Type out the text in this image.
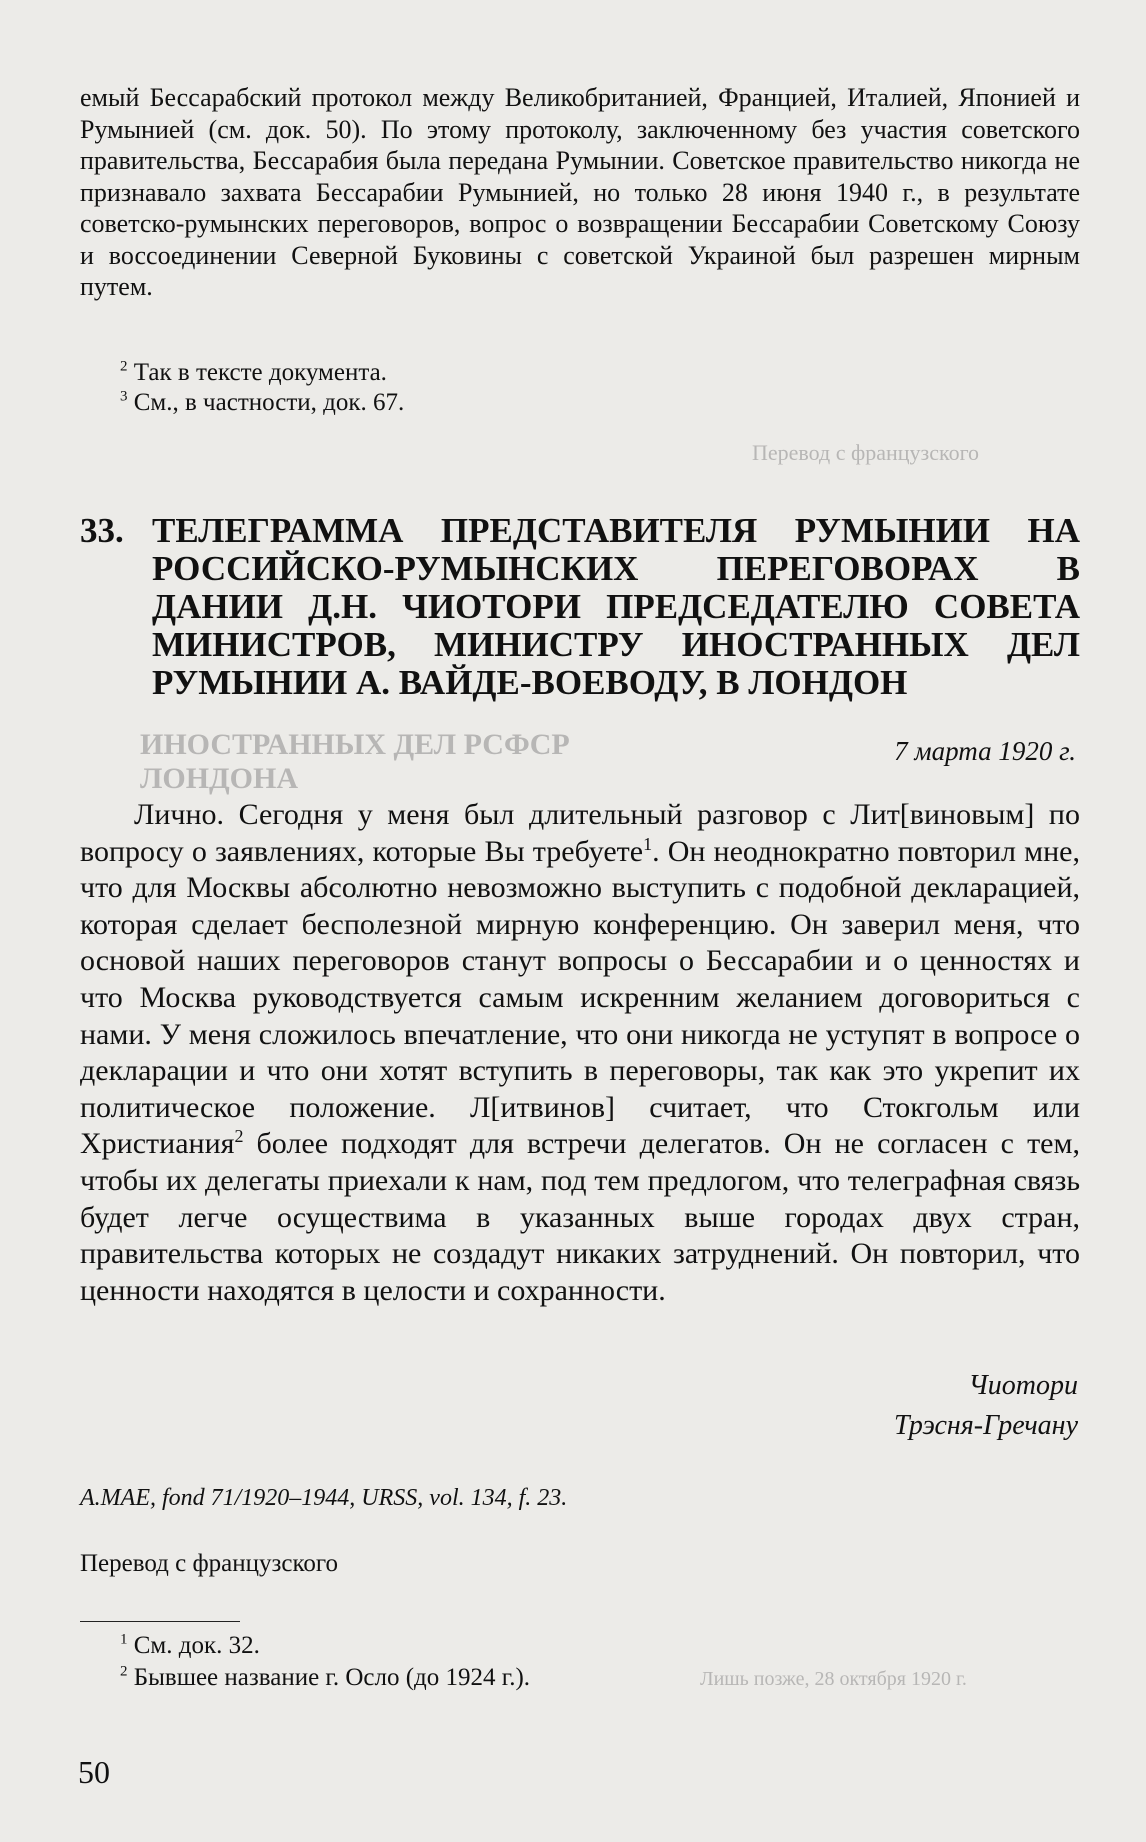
Перевод с французского
ИНОСТРАННЫХ ДЕЛ РСФСР
ЛОНДОНА
Лишь позже, 28 октября 1920 г.

емый Бессарабский протокол между Великобританией, Францией, Италией, Японией и Румынией (см. док. 50). По этому протоколу, заключенному без участия советского правительства, Бессарабия была передана Румынии. Советское правительство никогда не признавало захвата Бессарабии Румынией, но только 28 июня 1940 г., в результате советско-румынских переговоров, вопрос о возвращении Бессарабии Советскому Союзу и воссоединении Северной Буковины с советской Украиной был разрешен мирным путем.

$^2$ Так в тексте документа.
$^3$ См., в частности, док. 67.
33. ТЕЛЕГРАММА ПРЕДСТАВИТЕЛЯ РУМЫНИИ НА РОССИЙСКО-РУМЫНСКИХ ПЕРЕГОВОРАХ В ДАНИИ Д.Н. ЧИОТОРИ ПРЕДСЕДАТЕЛЮ СОВЕТА МИНИСТРОВ, МИНИСТРУ ИНОСТРАННЫХ ДЕЛ РУМЫНИИ А. ВАЙДЕ-ВОЕВОДУ, В ЛОНДОН
7 марта 1920 г.

Лично. Сегодня у меня был длительный разговор с Лит[виновым] по вопросу о заявлениях, которые Вы требуете$^1$. Он неоднократно повторил мне, что для Москвы абсолютно невозможно выступить с подобной декларацией, которая сделает бесполезной мирную конференцию. Он заверил меня, что основой наших переговоров станут вопросы о Бессарабии и о ценностях и что Москва руководствуется самым искренним желанием договориться с нами. У меня сложилось впечатление, что они никогда не уступят в вопросе о декларации и что они хотят вступить в переговоры, так как это укрепит их политическое положение. Л[итвинов] считает, что Стокгольм или Христиания$^2$ более подходят для встречи делегатов. Он не согласен с тем, чтобы их делегаты приехали к нам, под тем предлогом, что телеграфная связь будет легче осуществима в указанных выше городах двух стран, правительства которых не создадут никаких затруднений. Он повторил, что ценности находятся в целости и сохранности.

Чиотори
Трэсня-Гречану
A.MAE, fond 71/1920–1944, URSS, vol. 134, f. 23.
Перевод с французского
$^1$ См. док. 32.
$^2$ Бывшее название г. Осло (до 1924 г.).
50
